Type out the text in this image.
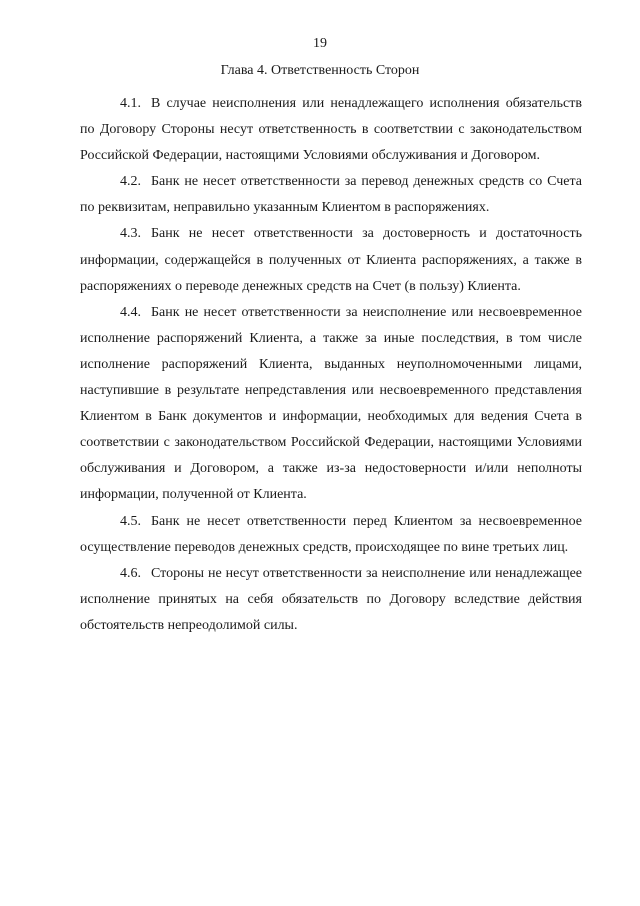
19
Глава 4. Ответственность Сторон

4.1. В случае неисполнения или ненадлежащего исполнения обязательств по Договору Стороны несут ответственность в соответствии с законодательством Российской Федерации, настоящими Условиями обслуживания и Договором.

4.2. Банк не несет ответственности за перевод денежных средств со Счета по реквизитам, неправильно указанным Клиентом в распоряжениях.

4.3. Банк не несет ответственности за достоверность и достаточность информации, содержащейся в полученных от Клиента распоряжениях, а также в распоряжениях о переводе денежных средств на Счет (в пользу) Клиента.

4.4. Банк не несет ответственности за неисполнение или несвоевременное исполнение распоряжений Клиента, а также за иные последствия, в том числе исполнение распоряжений Клиента, выданных неуполномоченными лицами, наступившие в результате непредставления или несвоевременного представления Клиентом в Банк документов и информации, необходимых для ведения Счета в соответствии с законодательством Российской Федерации, настоящими Условиями обслуживания и Договором, а также из-за недостоверности и/или неполноты информации, полученной от Клиента.

4.5. Банк не несет ответственности перед Клиентом за несвоевременное осуществление переводов денежных средств, происходящее по вине третьих лиц.

4.6. Стороны не несут ответственности за неисполнение или ненадлежащее исполнение принятых на себя обязательств по Договору вследствие действия обстоятельств непреодолимой силы.
